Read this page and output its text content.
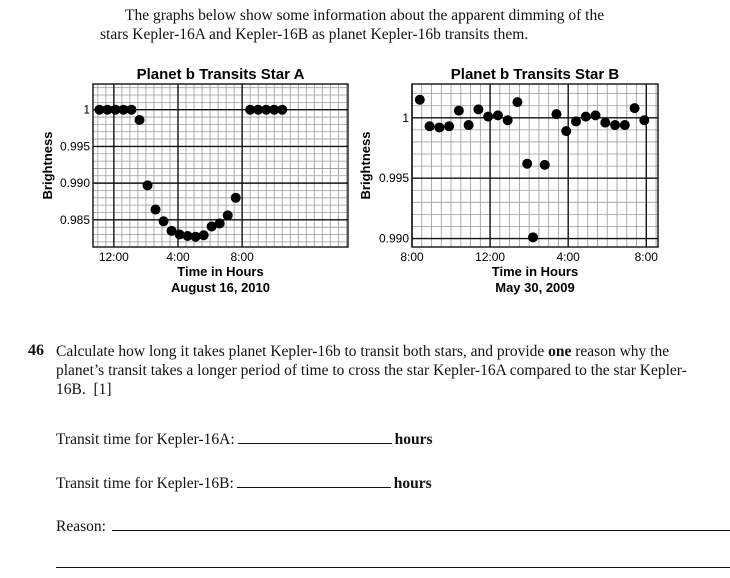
The graphs below show some information about the apparent dimming of the
stars Kepler-16A and Kepler-16B as planet Kepler-16b transits them.
Planet b Transits Star A
12:00	4:00	8:00
1
0.995
0.990
0.985
Time in Hours
August 16, 2010
Brightness
Planet b Transits Star B
8:00	12:00	4:00	8:00
1
0.995
0.990
Time in Hours
May 30, 2009
Brightness
46 Calculate how long it takes planet Kepler-16b to transit both stars, and provide one reason why the planet’s transit takes a longer period of time to cross the star Kepler-16A compared to the star Kepler-16B. [1]
Transit time for Kepler-16A:	hours
Transit time for Kepler-16B:	hours
Reason:
